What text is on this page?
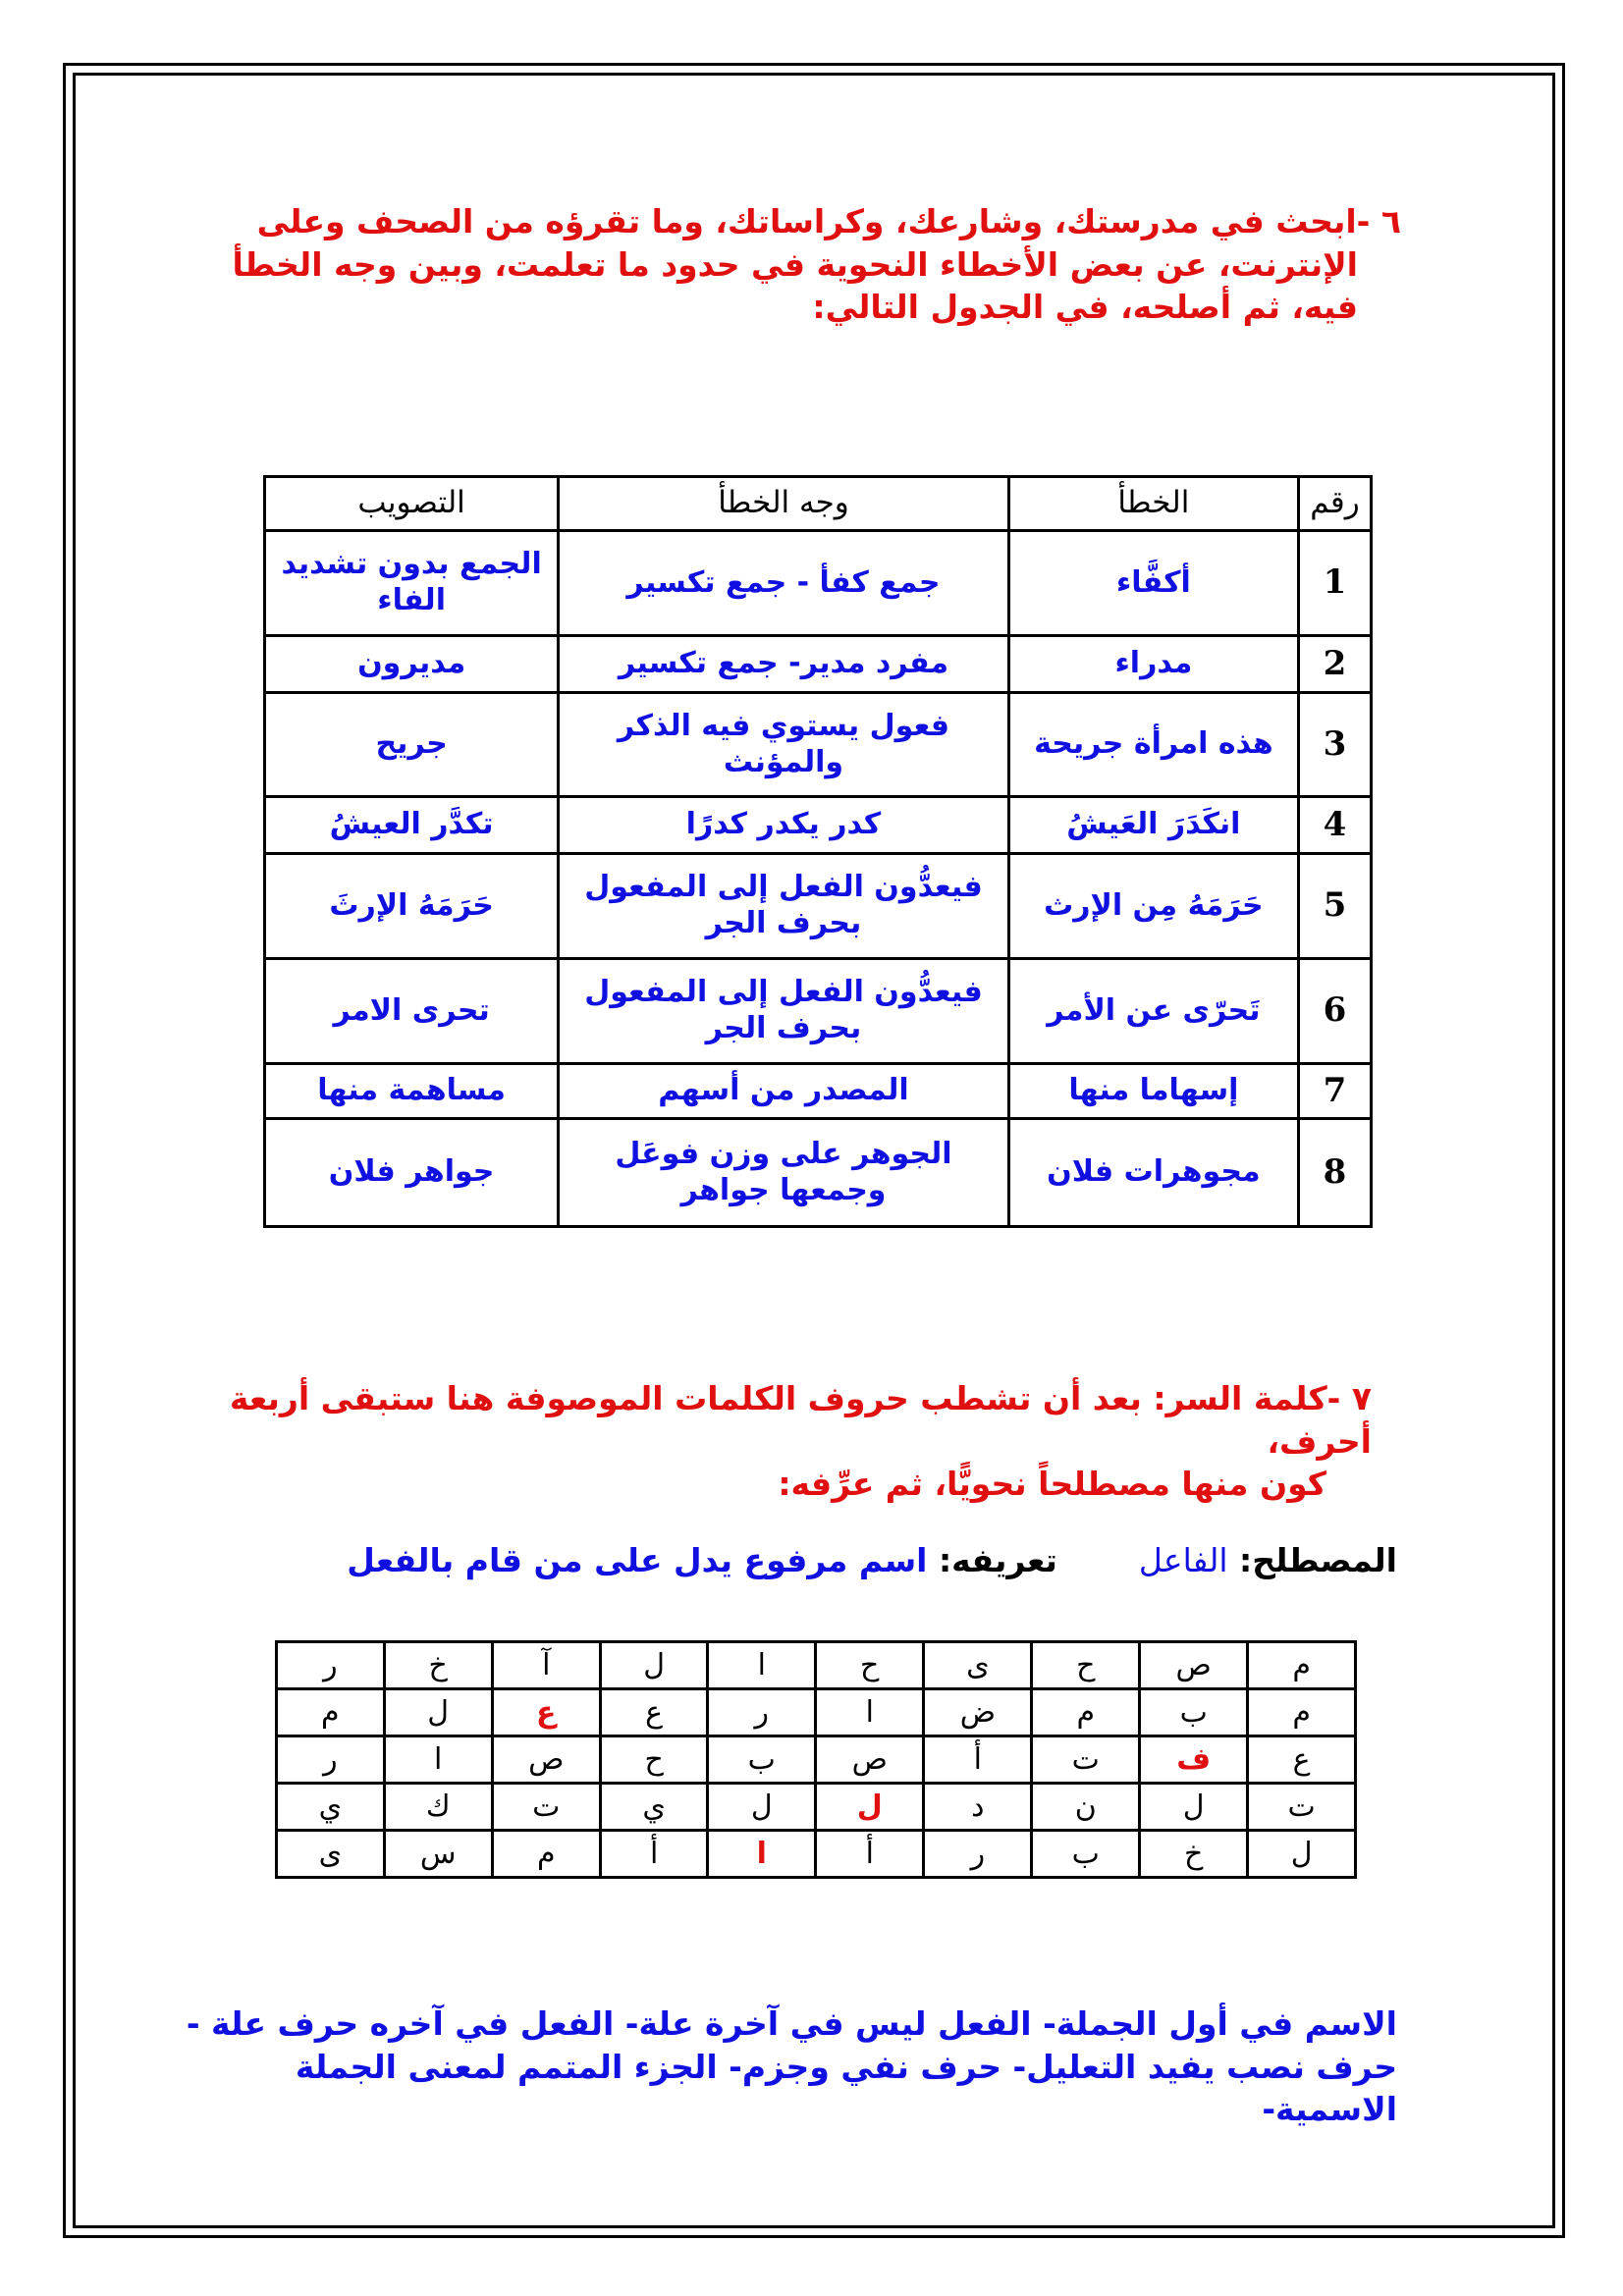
٦ -ابحث في مدرستك، وشارعك، وكراساتك، وما تقرؤه من الصحف وعلى
الإنترنت، عن بعض الأخطاء النحوية في حدود ما تعلمت، وبين وجه الخطأ
فيه، ثم أصلحه، في الجدول التالي:
رقم	الخطأ	وجه الخطأ	التصويب
1	أكفَّاء	جمع كفأ - جمع تكسير	الجمع بدون تشديد الفاء
2	مدراء	مفرد مدير- جمع تكسير	مديرون
3	هذه امرأة جريحة	فعول يستوي فيه الذكر والمؤنث	جريح
4	انكَدَرَ العَيشُ	كدر يكدر كدرًا	تكدَّر العيشُ
5	حَرَمَهُ مِن الإرث	فيعدُّون الفعل إلى المفعول بحرف الجر	حَرَمَهُ الإرثَ
6	تَحرّى عن الأمر	فيعدُّون الفعل إلى المفعول بحرف الجر	تحرى الامر
7	إسهاما منها	المصدر من أسهم	مساهمة منها
8	مجوهرات فلان	الجوهر على وزن فوعَل وجمعها جواهر	جواهر فلان
٧ -كلمة السر: بعد أن تشطب حروف الكلمات الموصوفة هنا ستبقى أربعة أحرف،
كون منها مصطلحاً نحويًّا، ثم عرِّفه:
المصطلح: الفاعل  تعريفه: اسم مرفوع يدل على من قام بالفعل
م	ص	ح	ى	ح	ا	ل	آ	خ	ر
م	ب	م	ض	ا	ر	ع	ع	ل	م
ع	ف	ت	أ	ص	ب	ح	ص	ا	ر
ت	ل	ن	د	ل	ل	ي	ت	ك	ي
ل	خ	ب	ر	أ	ا	أ	م	س	ى
الاسم في أول الجملة- الفعل ليس في آخرة علة- الفعل في آخره حرف علة -
حرف نصب يفيد التعليل- حرف نفي وجزم- الجزء المتمم لمعنى الجملة الاسمية-
